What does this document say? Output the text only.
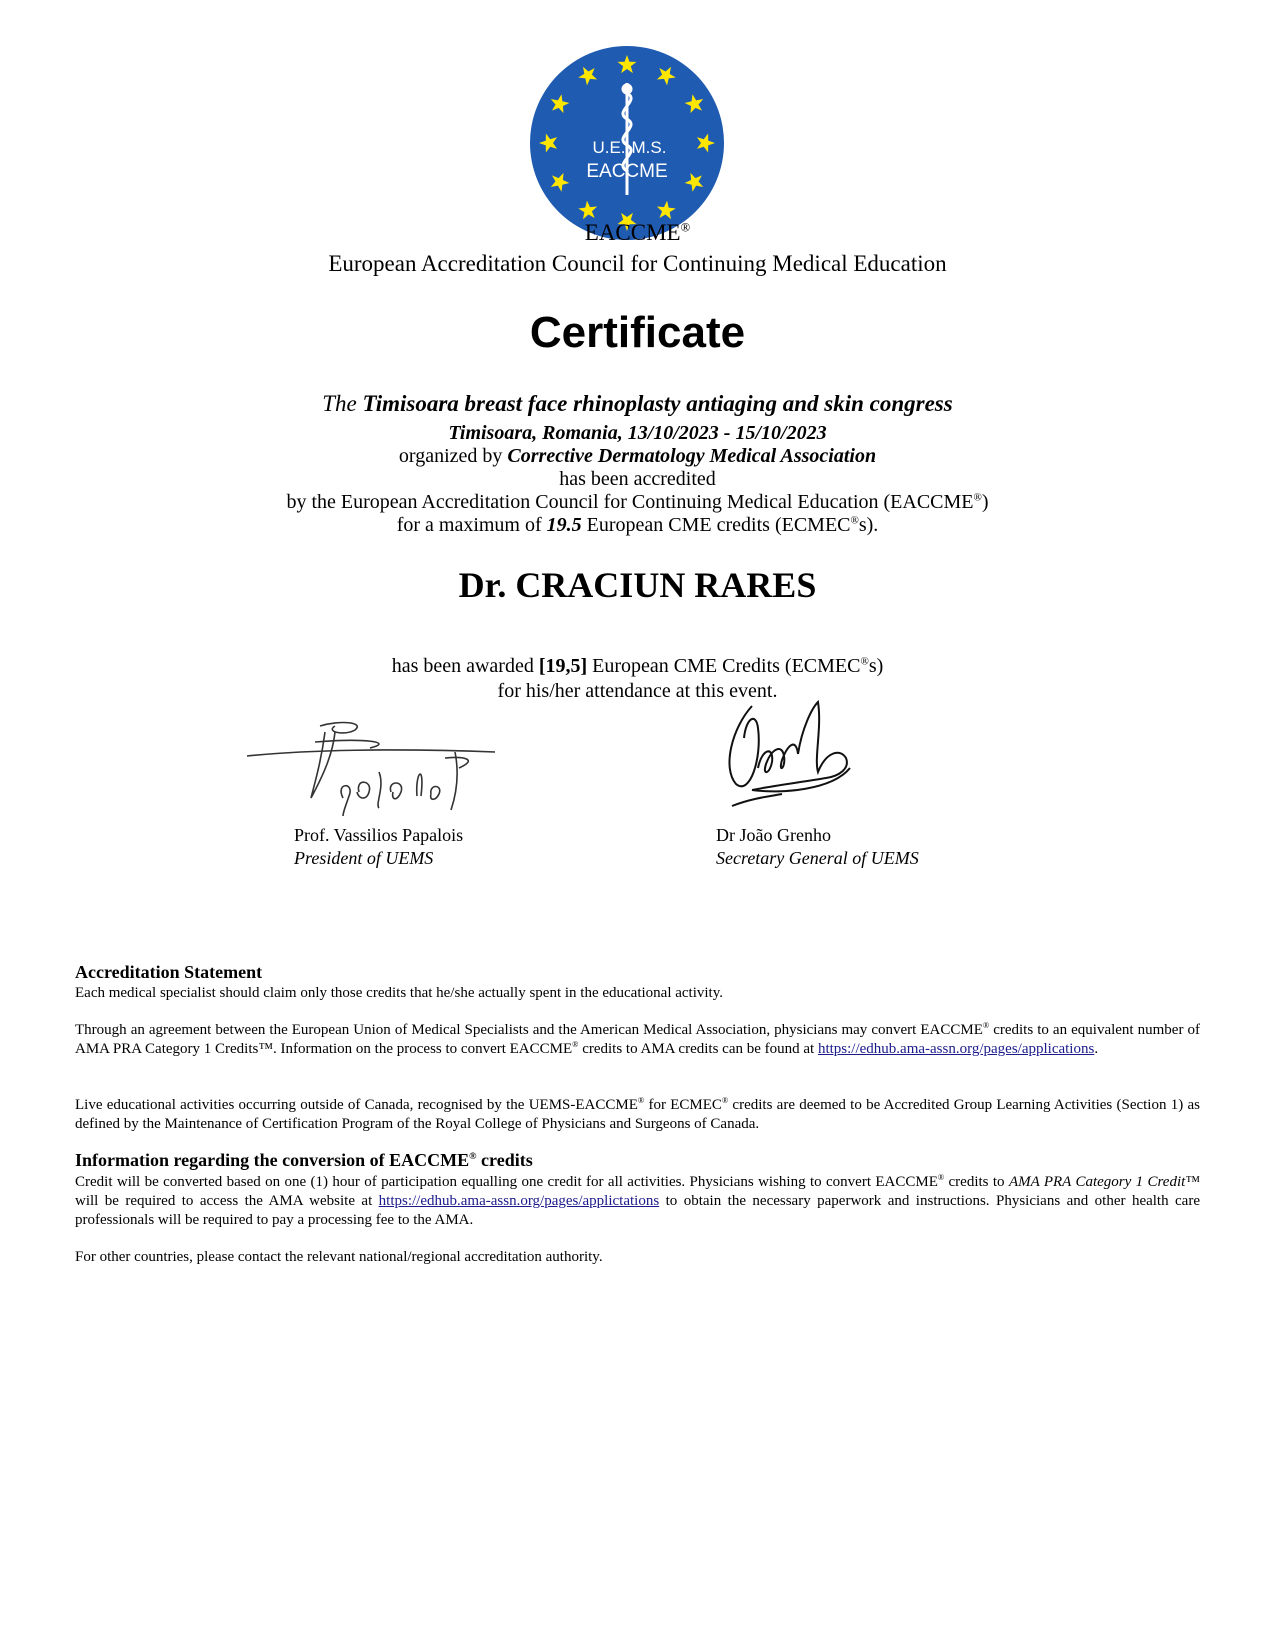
U.E. M.S.
EACCME
EACCME®
European Accreditation Council for Continuing Medical Education
Certificate
The Timisoara breast face rhinoplasty antiaging and skin congress
Timisoara, Romania, 13/10/2023 - 15/10/2023
organized by Corrective Dermatology Medical Association
has been accredited
by the European Accreditation Council for Continuing Medical Education (EACCME®)
for a maximum of 19.5 European CME credits (ECMEC®s).
Dr. CRACIUN RARES
has been awarded [19,5] European CME Credits (ECMEC®s)
for his/her attendance at this event.
Prof. Vassilios Papalois
President of UEMS
Dr João Grenho
Secretary General of UEMS
Accreditation Statement
Each medical specialist should claim only those credits that he/she actually spent in the educational activity.
Through an agreement between the European Union of Medical Specialists and the American Medical Association, physicians may convert EACCME® credits to an equivalent number of AMA PRA Category 1 Credits™. Information on the process to convert EACCME® credits to AMA credits can be found at https://edhub.ama-assn.org/pages/applications.
Live educational activities occurring outside of Canada, recognised by the UEMS-EACCME® for ECMEC® credits are deemed to be Accredited Group Learning Activities (Section 1) as defined by the Maintenance of Certification Program of the Royal College of Physicians and Surgeons of Canada.
Information regarding the conversion of EACCME® credits
Credit will be converted based on one (1) hour of participation equalling one credit for all activities. Physicians wishing to convert EACCME® credits to AMA PRA Category 1 Credit™ will be required to access the AMA website at https://edhub.ama-assn.org/pages/applictations to obtain the necessary paperwork and instructions. Physicians and other health care professionals will be required to pay a processing fee to the AMA.
For other countries, please contact the relevant national/regional accreditation authority.
